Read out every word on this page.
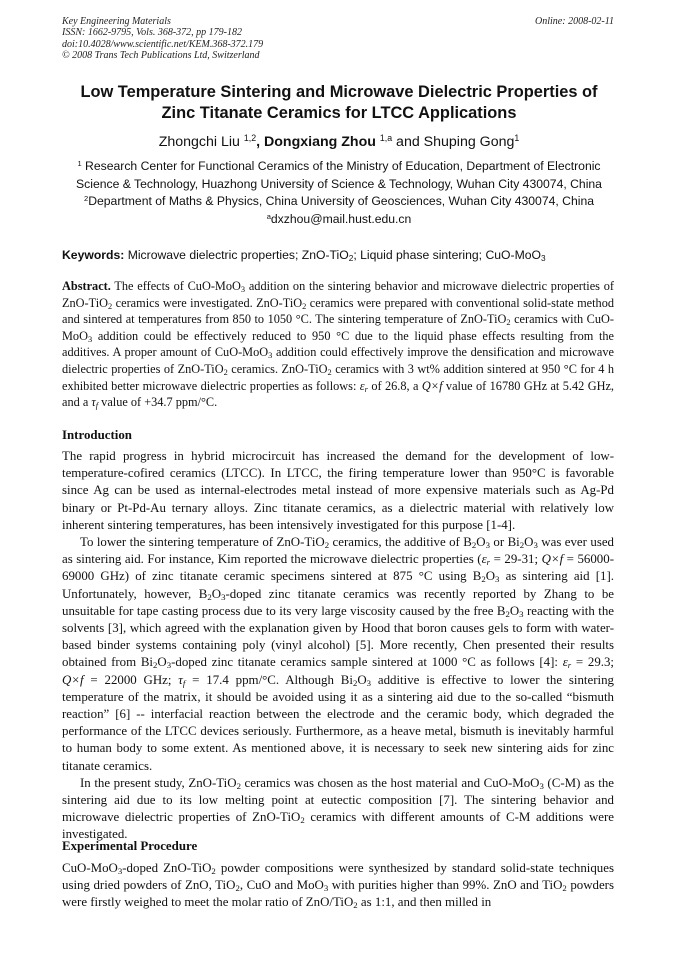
Key Engineering Materials
ISSN: 1662-9795, Vols. 368-372, pp 179-182
doi:10.4028/www.scientific.net/KEM.368-372.179
© 2008 Trans Tech Publications Ltd, Switzerland
Online: 2008-02-11
Low Temperature Sintering and Microwave Dielectric Properties of
Zinc Titanate Ceramics for LTCC Applications
Zhongchi Liu $^{1,2}$, Dongxiang Zhou $^{1,a}$ and Shuping Gong$^1$
$^1$ Research Center for Functional Ceramics of the Ministry of Education, Department of Electronic
Science & Technology, Huazhong University of Science & Technology, Wuhan City 430074, China
$^2$Department of Maths & Physics, China University of Geosciences, Wuhan City 430074, China
$^a$dxzhou@mail.hust.edu.cn
Keywords: Microwave dielectric properties; ZnO-TiO$_2$; Liquid phase sintering; CuO-MoO$_3$

Abstract. The effects of CuO-MoO$_3$ addition on the sintering behavior and microwave dielectric properties of ZnO-TiO$_2$ ceramics were investigated. ZnO-TiO$_2$ ceramics were prepared with conventional solid-state method and sintered at temperatures from 850 to 1050 °C. The sintering temperature of ZnO-TiO$_2$ ceramics with CuO-MoO$_3$ addition could be effectively reduced to 950 °C due to the liquid phase effects resulting from the additives. A proper amount of CuO-MoO$_3$ addition could effectively improve the densification and microwave dielectric properties of ZnO-TiO$_2$ ceramics. ZnO-TiO$_2$ ceramics with 3 wt% addition sintered at 950 °C for 4 h exhibited better microwave dielectric properties as follows: $\varepsilon_r$ of 26.8, a Q×f value of 16780 GHz at 5.42 GHz, and a $\tau_f$ value of +34.7 ppm/°C.

Introduction

The rapid progress in hybrid microcircuit has increased the demand for the development of low-temperature-cofired ceramics (LTCC). In LTCC, the firing temperature lower than 950°C is favorable since Ag can be used as internal-electrodes metal instead of more expensive materials such as Ag-Pd binary or Pt-Pd-Au ternary alloys. Zinc titanate ceramics, as a dielectric material with relatively low inherent sintering temperatures, has been intensively investigated for this purpose [1-4].

To lower the sintering temperature of ZnO-TiO$_2$ ceramics, the additive of $B_2O_3$ or $Bi_2O_3$ was ever used as sintering aid. For instance, Kim reported the microwave dielectric properties ($\varepsilon_r = 29-31$; Q×f = 56000-69000 GHz) of zinc titanate ceramic specimens sintered at 875 °C using $B_2O_3$ as sintering aid [1]. Unfortunately, however, $B_2O_3$-doped zinc titanate ceramics was recently reported by Zhang to be unsuitable for tape casting process due to its very large viscosity caused by the free $B_2O_3$ reacting with the solvents [3], which agreed with the explanation given by Hood that boron causes gels to form with water-based binder systems containing poly (vinyl alcohol) [5]. More recently, Chen presented their results obtained from $Bi_2O_3$-doped zinc titanate ceramics sample sintered at 1000 °C as follows [4]: $\varepsilon_r = 29.3$; Q×f = 22000 GHz; $\tau_f = 17.4$ ppm/°C. Although $Bi_2O_3$ additive is effective to lower the sintering temperature of the matrix, it should be avoided using it as a sintering aid due to the so-called “bismuth reaction” [6] -- interfacial reaction between the electrode and the ceramic body, which degraded the performance of the LTCC devices seriously. Furthermore, as a heave metal, bismuth is inevitably harmful to human body to some extent. As mentioned above, it is necessary to seek new sintering aids for zinc titanate ceramics.

In the present study, ZnO-TiO$_2$ ceramics was chosen as the host material and CuO-MoO$_3$ (C-M) as the sintering aid due to its low melting point at eutectic composition [7]. The sintering behavior and microwave dielectric properties of ZnO-TiO$_2$ ceramics with different amounts of C-M additions were investigated.

Experimental Procedure

CuO-MoO$_3$-doped ZnO-TiO$_2$ powder compositions were synthesized by standard solid-state techniques using dried powders of ZnO, TiO$_2$, CuO and MoO$_3$ with purities higher than 99%. ZnO and TiO$_2$ powders were firstly weighed to meet the molar ratio of ZnO/TiO$_2$ as 1:1, and then milled in
